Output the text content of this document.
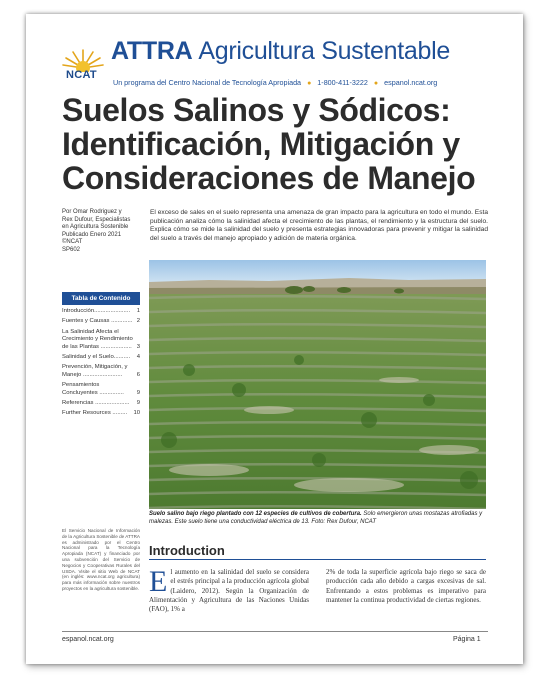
NCAT
ATTRA Agricultura Sustentable
Un programa del Centro Nacional de Tecnología Apropiada ● 1-800-411-3222 ● espanol.ncat.org
Suelos Salinos y Sódicos:
Identificación, Mitigación y
Consideraciones de Manejo
Por Omar Rodriguez y
Rex Dufour, Especialistas
en Agricultura Sostenible
Publicado Enero 2021
©NCAT
SP602
El exceso de sales en el suelo representa una amenaza de gran impacto para la agricultura en todo el mundo. Esta publicación analiza cómo la salinidad afecta el crecimiento de las plantas, el rendimiento y la estructura del suelo. Explica cómo se mide la salinidad del suelo y presenta estrategias innovadoras para prevenir y mitigar la salinidad del suelo a través del manejo apropiado y adición de materia orgánica.
Tabla de Contenido
Introducción......................	1
Fuentes y Causas ............. 2
La Salinidad Afecta el Crecimiento y Rendimiento de las Plantas ................... 3
Salinidad y el Suelo..........	4
Prevención, Mitigación, y Manejo ........................	6
Pensamientos Concluyentes ...............	9
Referencias .....................	9
Further Resources .........	10
El Servicio Nacional de Información de la Agricultura Sostenible de ATTRA es administrado por el Centro Nacional para la Tecnología Apropiada (NCAT) y financiado por una subvención del Servicio de Negocios y Cooperativas Rurales del USDA. Visite el sitio Web de NCAT (en inglés: www.ncat.org agricultura) para más información sobre nuestros proyectos en la agricultura sostenible.
Suelo salino bajo riego plantado con 12 especies de cultivos de cobertura. Solo emergieron unas mostazas atrofiadas y malezas. Este suelo tiene una conductividad eléctrica de 13. Foto: Rex Dufour, NCAT
Introduction
El aumento en la salinidad del suelo se considera el estrés principal a la producción agrícola global (Laidero, 2012). Según la Organización de Alimentación y Agricultura de las Naciones Unidas (FAO), 1% a
2% de toda la superficie agrícola bajo riego se saca de producción cada año debido a cargas excesivas de sal. Enfrentando a estos problemas es imperativo para mantener la continua productividad de ciertas regiones.
espanol.ncat.org	Página 1
